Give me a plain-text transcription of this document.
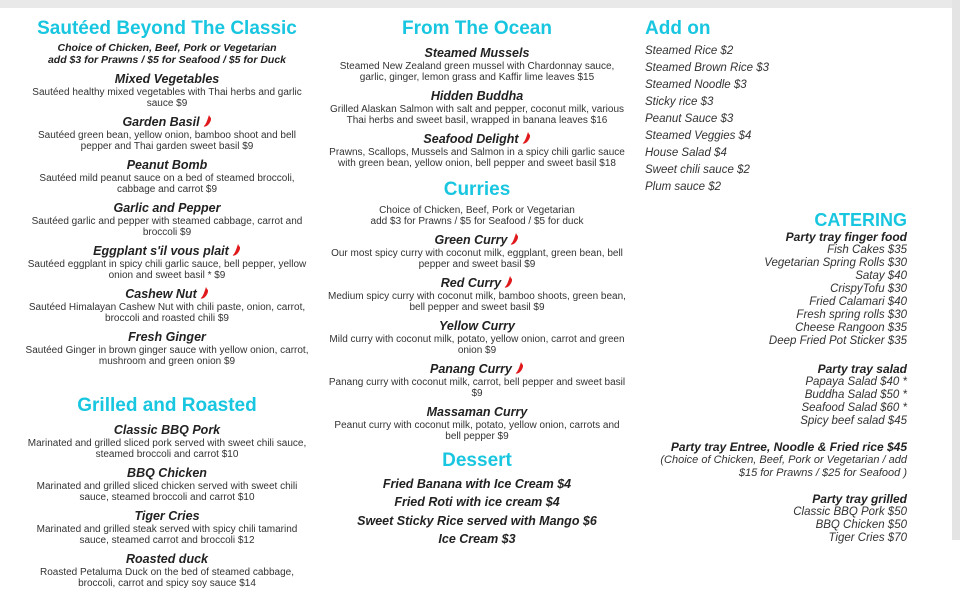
Sautéed Beyond The Classic
Choice of Chicken, Beef, Pork or Vegetarian
add $3 for Prawns / $5 for Seafood / $5 for Duck
Mixed Vegetables
Sautéed healthy mixed vegetables with Thai herbs and garlic sauce $9
Garden Basil
Sautéed green bean, yellow onion, bamboo shoot and bell pepper and Thai garden sweet basil $9
Peanut Bomb
Sautéed mild peanut sauce on a bed of steamed broccoli, cabbage and carrot $9
Garlic and Pepper
Sautéed garlic and pepper with steamed cabbage, carrot and broccoli $9
Eggplant s'il vous plait
Sautéed eggplant in spicy chili garlic sauce, bell pepper, yellow onion and sweet basil * $9
Cashew Nut
Sautéed Himalayan Cashew Nut with chili paste, onion, carrot, broccoli and roasted chili $9
Fresh Ginger
Sautéed Ginger in brown ginger sauce with yellow onion, carrot, mushroom and green onion $9
Grilled and Roasted
Classic BBQ Pork
Marinated and grilled sliced pork served with sweet chili sauce, steamed broccoli and carrot $10
BBQ Chicken
Marinated and grilled sliced chicken served with sweet chili sauce, steamed broccoli and carrot $10
Tiger Cries
Marinated and grilled steak served with spicy chili tamarind sauce, steamed carrot and broccoli $12
Roasted duck
Roasted Petaluma Duck on the bed of steamed cabbage, broccoli, carrot and spicy soy sauce $14
From The Ocean
Steamed Mussels
Steamed New Zealand green mussel with Chardonnay sauce, garlic, ginger, lemon grass and Kaffir lime leaves $15
Hidden Buddha
Grilled Alaskan Salmon with salt and pepper, coconut milk, various Thai herbs and sweet basil, wrapped in banana leaves $16
Seafood Delight
Prawns, Scallops, Mussels and Salmon in a spicy chili garlic sauce with green bean, yellow onion, bell pepper and sweet basil $18
Curries
Choice of Chicken, Beef, Pork or Vegetarian
add $3 for Prawns / $5 for Seafood / $5 for duck
Green Curry
Our most spicy curry with coconut milk, eggplant, green bean, bell pepper and sweet basil $9
Red Curry
Medium spicy curry with coconut milk, bamboo shoots, green bean, bell pepper and sweet basil $9
Yellow Curry
Mild curry with coconut milk, potato, yellow onion, carrot and green onion $9
Panang Curry
Panang curry with coconut milk, carrot, bell pepper and sweet basil $9
Massaman Curry
Peanut curry with coconut milk, potato, yellow onion, carrots and bell pepper $9
Dessert
Fried Banana with Ice Cream $4
Fried Roti with ice cream $4
Sweet Sticky Rice served with Mango $6
Ice Cream $3
Add on
Steamed Rice $2
Steamed Brown Rice $3
Steamed Noodle $3
Sticky rice $3
Peanut Sauce $3
Steamed Veggies $4
House Salad $4
Sweet chili sauce $2
Plum sauce $2
CATERING
Party tray finger food
Fish Cakes $35
Vegetarian Spring Rolls $30
Satay $40
CrispyTofu $30
Fried Calamari $40
Fresh spring rolls $30
Cheese Rangoon $35
Deep Fried Pot Sticker $35
Party tray salad
Papaya Salad $40 *
Buddha Salad $50 *
Seafood Salad $60 *
Spicy beef salad $45
Party tray Entree, Noodle & Fried rice $45
(Choice of Chicken, Beef, Pork or Vegetarian / add
$15 for Prawns / $25 for Seafood )
Party tray grilled
Classic BBQ Pork $50
BBQ Chicken $50
Tiger Cries $70
